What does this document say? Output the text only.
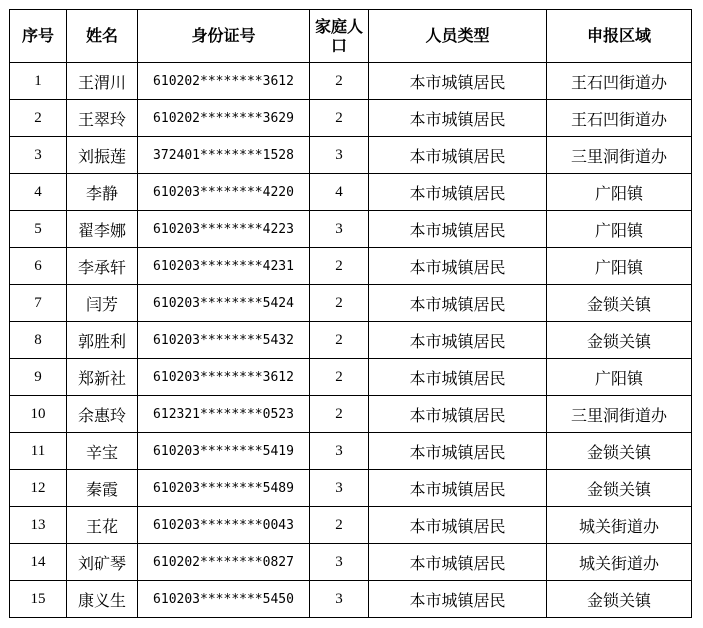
序号	姓名	身份证号	家庭人口	人员类型	申报区域
1	王渭川	610202********3612	2	本市城镇居民	王石凹街道办
2	王翠玲	610202********3629	2	本市城镇居民	王石凹街道办
3	刘振莲	372401********1528	3	本市城镇居民	三里洞街道办
4	李静	610203********4220	4	本市城镇居民	广阳镇
5	翟李娜	610203********4223	3	本市城镇居民	广阳镇
6	李承轩	610203********4231	2	本市城镇居民	广阳镇
7	闫芳	610203********5424	2	本市城镇居民	金锁关镇
8	郭胜利	610203********5432	2	本市城镇居民	金锁关镇
9	郑新社	610203********3612	2	本市城镇居民	广阳镇
10	余惠玲	612321********0523	2	本市城镇居民	三里洞街道办
11	辛宝	610203********5419	3	本市城镇居民	金锁关镇
12	秦霞	610203********5489	3	本市城镇居民	金锁关镇
13	王花	610203********0043	2	本市城镇居民	城关街道办
14	刘矿琴	610202********0827	3	本市城镇居民	城关街道办
15	康义生	610203********5450	3	本市城镇居民	金锁关镇
